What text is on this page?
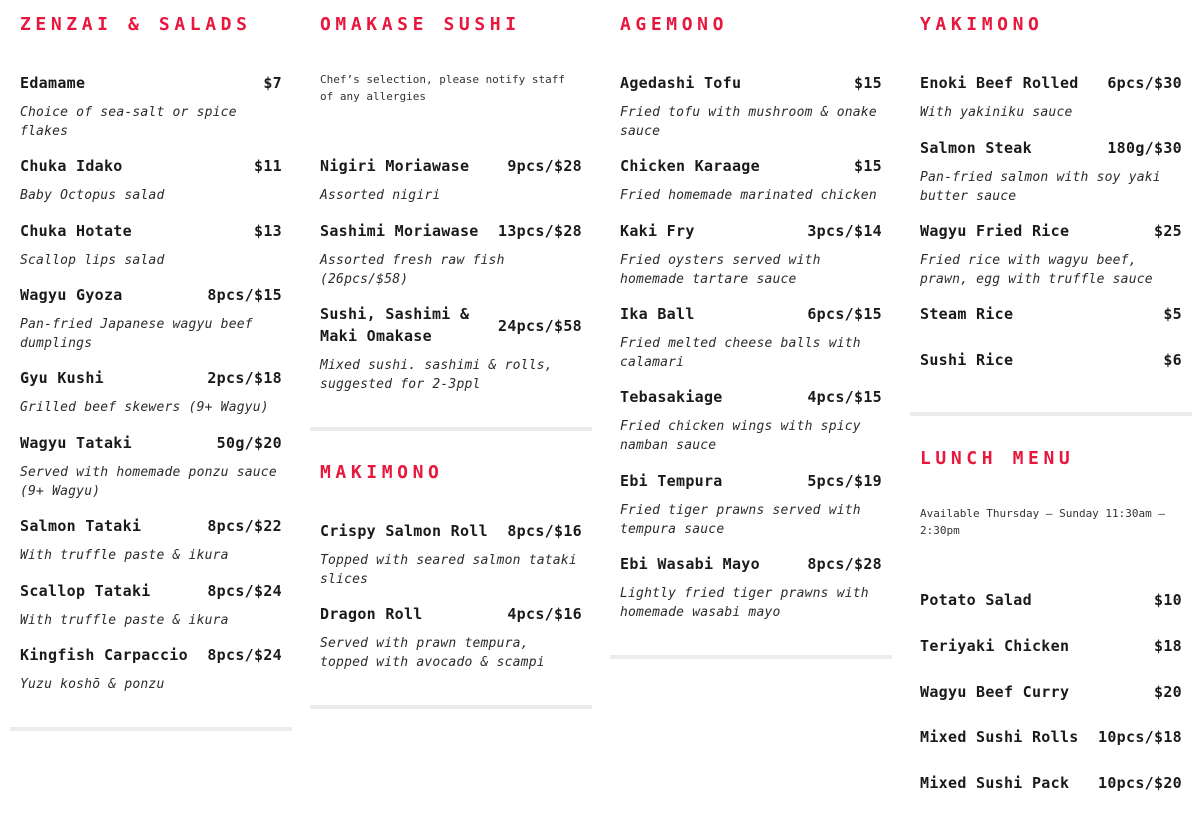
ZENZAI & SALADS
Edamame	$7
Choice of sea-salt or spice flakes
Chuka Idako	$11
Baby Octopus salad
Chuka Hotate	$13
Scallop lips salad
Wagyu Gyoza	8pcs/$15
Pan-fried Japanese wagyu beef dumplings
Gyu Kushi	2pcs/$18
Grilled beef skewers (9+ Wagyu)
Wagyu Tataki	50g/$20
Served with homemade ponzu sauce (9+ Wagyu)
Salmon Tataki	8pcs/$22
With truffle paste & ikura
Scallop Tataki	8pcs/$24
With truffle paste & ikura
Kingfish Carpaccio 8pcs/$24
Yuzu koshō & ponzu
OMAKASE SUSHI
Chef’s selection, please notify staff of any allergies
Nigiri Moriawase	9pcs/$28
Assorted nigiri
Sashimi Moriawase 13pcs/$28
Assorted fresh raw fish (26pcs/$58)
Sushi, Sashimi & Maki Omakase
24pcs/$58
Mixed sushi. sashimi & rolls, suggested for 2-3ppl
MAKIMONO
Crispy Salmon Roll 8pcs/$16
Topped with seared salmon tataki slices
Dragon Roll	4pcs/$16
Served with prawn tempura, topped with avocado & scampi
AGEMONO
Agedashi Tofu	$15
Fried tofu with mushroom & onake sauce
Chicken Karaage	$15
Fried homemade marinated chicken
Kaki Fry	3pcs/$14
Fried oysters served with homemade tartare sauce
Ika Ball	6pcs/$15
Fried melted cheese balls with calamari
Tebasakiage	4pcs/$15
Fried chicken wings with spicy namban sauce
Ebi Tempura	5pcs/$19
Fried tiger prawns served with tempura sauce
Ebi Wasabi Mayo	8pcs/$28
Lightly fried tiger prawns with homemade wasabi mayo
YAKIMONO
Enoki Beef Rolled 6pcs/$30
With yakiniku sauce
Salmon Steak	180g/$30
Pan-fried salmon with soy yaki butter sauce
Wagyu Fried Rice	$25
Fried rice with wagyu beef, prawn, egg with truffle sauce
Steam Rice	$5
Sushi Rice	$6
LUNCH MENU
Available Thursday – Sunday 11:30am – 2:30pm
Potato Salad	$10
Teriyaki Chicken	$18
Wagyu Beef Curry	$20
Mixed Sushi Rolls 10pcs/$18
Mixed Sushi Pack 10pcs/$20
